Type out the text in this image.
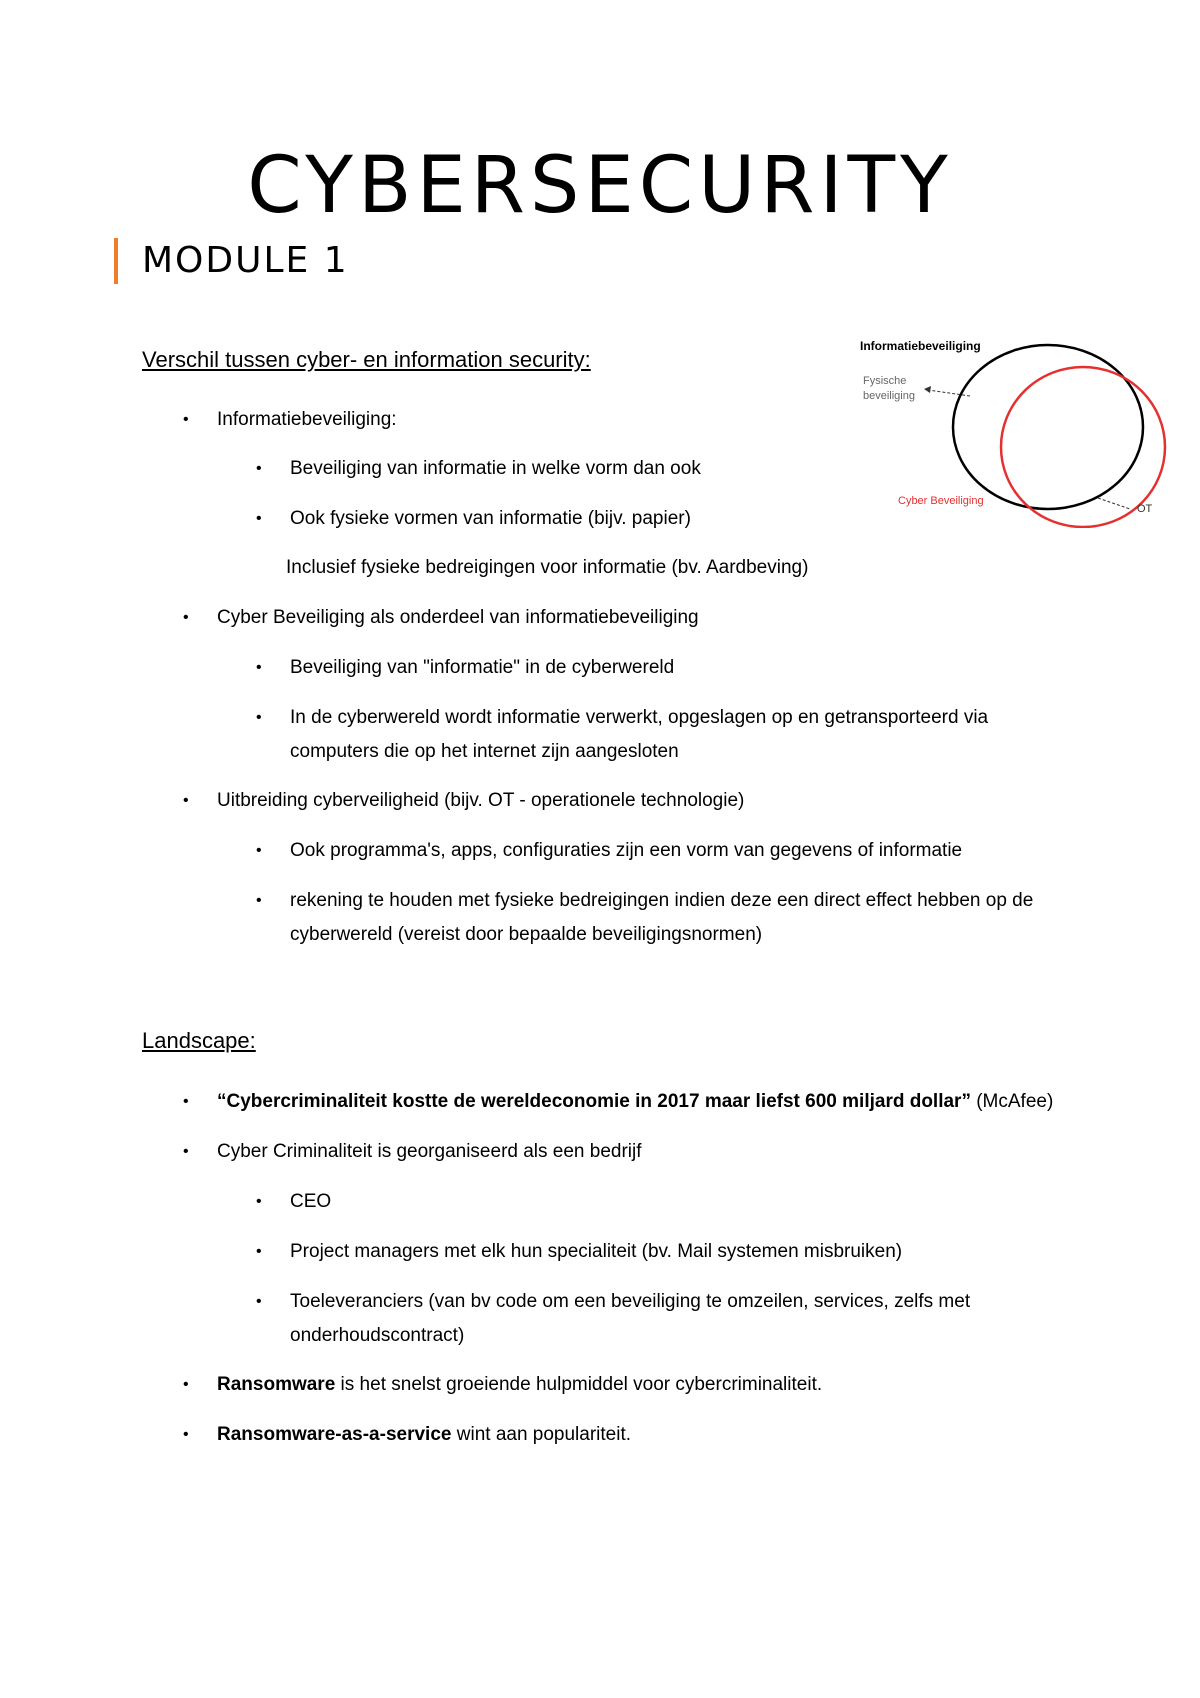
CYBERSECURITY
MODULE 1
Verschil tussen cyber- en information security:
• Informatiebeveiliging:
• Beveiliging van informatie in welke vorm dan ook
• Ook fysieke vormen van informatie (bijv. papier)
Inclusief fysieke bedreigingen voor informatie (bv. Aardbeving)
• Cyber Beveiliging als onderdeel van informatiebeveiliging
• Beveiliging van "informatie" in de cyberwereld
• In de cyberwereld wordt informatie verwerkt, opgeslagen op en getransporteerd via
computers die op het internet zijn aangesloten
• Uitbreiding cyberveiligheid (bijv. OT - operationele technologie)
• Ook programma's, apps, configuraties zijn een vorm van gegevens of informatie
• rekening te houden met fysieke bedreigingen indien deze een direct effect hebben op de
cyberwereld (vereist door bepaalde beveiligingsnormen)
Informatiebeveiliging
Fysische
beveiliging
Cyber Beveiliging
OT
Landscape:
• “Cybercriminaliteit kostte de wereldeconomie in 2017 maar liefst 600 miljard dollar” (McAfee)
• Cyber Criminaliteit is georganiseerd als een bedrijf
• CEO
• Project managers met elk hun specialiteit (bv. Mail systemen misbruiken)
• Toeleveranciers (van bv code om een beveiliging te omzeilen, services, zelfs met
onderhoudscontract)
• Ransomware is het snelst groeiende hulpmiddel voor cybercriminaliteit.
• Ransomware-as-a-service wint aan populariteit.
